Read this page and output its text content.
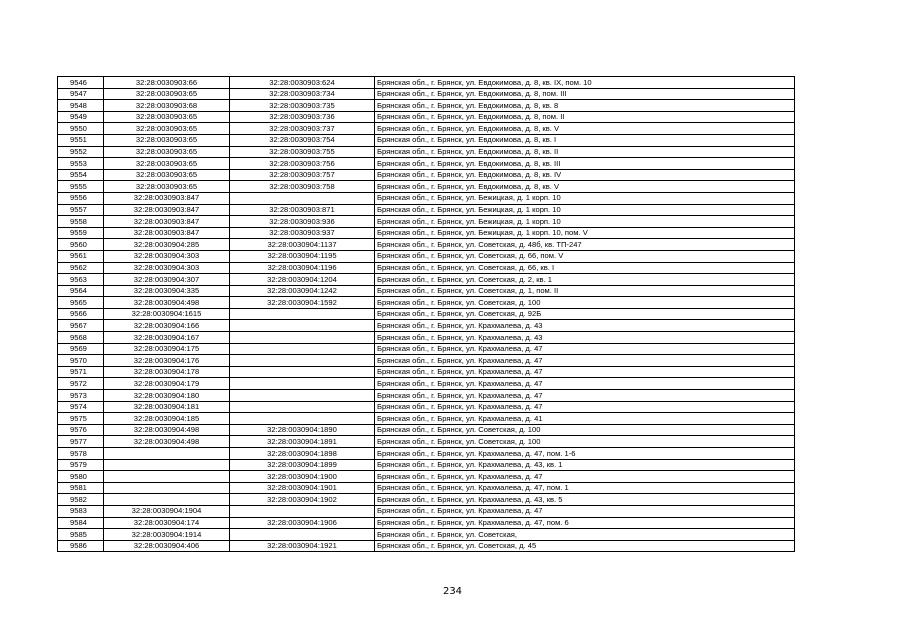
9546	32:28:0030903:66	32:28:0030903:624	Брянская обл., г. Брянск, ул. Евдокимова, д. 8, кв. IX, пом. 10
9547	32:28:0030903:65	32:28:0030903:734	Брянская обл., г. Брянск, ул. Евдокимова, д. 8, пом. III
9548	32:28:0030903:68	32:28:0030903:735	Брянская обл., г. Брянск, ул. Евдокимова, д. 8, кв. 8
9549	32:28:0030903:65	32:28:0030903:736	Брянская обл., г. Брянск, ул. Евдокимова, д. 8, пом. II
9550	32:28:0030903:65	32:28:0030903:737	Брянская обл., г. Брянск, ул. Евдокимова, д. 8, кв. V
9551	32:28:0030903:65	32:28:0030903:754	Брянская обл., г. Брянск, ул. Евдокимова, д. 8, кв. I
9552	32:28:0030903:65	32:28:0030903:755	Брянская обл., г. Брянск, ул. Евдокимова, д. 8, кв. II
9553	32:28:0030903:65	32:28:0030903:756	Брянская обл., г. Брянск, ул. Евдокимова, д. 8, кв. III
9554	32:28:0030903:65	32:28:0030903:757	Брянская обл., г. Брянск, ул. Евдокимова, д. 8, кв. IV
9555	32:28:0030903:65	32:28:0030903:758	Брянская обл., г. Брянск, ул. Евдокимова, д. 8, кв. V
9556	32:28:0030903:847		Брянская обл., г. Брянск, ул. Бежицкая, д. 1 корп. 10
9557	32:28:0030903:847	32:28:0030903:871	Брянская обл., г. Брянск, ул. Бежицкая, д. 1 корп. 10
9558	32:28:0030903:847	32:28:0030903:936	Брянская обл., г. Брянск, ул. Бежицкая, д. 1 корп. 10
9559	32:28:0030903:847	32:28:0030903:937	Брянская обл., г. Брянск, ул. Бежицкая, д. 1 корп. 10, пом. V
9560	32:28:0030904:285	32:28:0030904:1137	Брянская обл., г. Брянск, ул. Советская, д. 48б, кв. ТП-247
9561	32:28:0030904:303	32:28:0030904:1195	Брянская обл., г. Брянск, ул. Советская, д. 66, пом. V
9562	32:28:0030904:303	32:28:0030904:1196	Брянская обл., г. Брянск, ул. Советская, д. 66, кв. I
9563	32:28:0030904:307	32:28:0030904:1204	Брянская обл., г. Брянск, ул. Советская, д. 2, кв. 1
9564	32:28:0030904:335	32:28:0030904:1242	Брянская обл., г. Брянск, ул. Советская, д. 1, пом. II
9565	32:28:0030904:498	32:28:0030904:1592	Брянская обл., г. Брянск, ул. Советская, д. 100
9566	32:28:0030904:1615		Брянская обл., г. Брянск, ул. Советская, д. 92Б
9567	32:28:0030904:166		Брянская обл., г. Брянск, ул. Крахмалева, д. 43
9568	32:28:0030904:167		Брянская обл., г. Брянск, ул. Крахмалева, д. 43
9569	32:28:0030904:175		Брянская обл., г. Брянск, ул. Крахмалева, д. 47
9570	32:28:0030904:176		Брянская обл., г. Брянск, ул. Крахмалева, д. 47
9571	32:28:0030904:178		Брянская обл., г. Брянск, ул. Крахмалева, д. 47
9572	32:28:0030904:179		Брянская обл., г. Брянск, ул. Крахмалева, д. 47
9573	32:28:0030904:180		Брянская обл., г. Брянск, ул. Крахмалева, д. 47
9574	32:28:0030904:181		Брянская обл., г. Брянск, ул. Крахмалева, д. 47
9575	32:28:0030904:185		Брянская обл., г. Брянск, ул. Крахмалева, д. 41
9576	32:28:0030904:498	32:28:0030904:1890	Брянская обл., г. Брянск, ул. Советская, д. 100
9577	32:28:0030904:498	32:28:0030904:1891	Брянская обл., г. Брянск, ул. Советская, д. 100
9578		32:28:0030904:1898	Брянская обл., г. Брянск, ул. Крахмалева, д. 47, пом. 1-6
9579		32:28:0030904:1899	Брянская обл., г. Брянск, ул. Крахмалева, д. 43, кв. 1
9580		32:28:0030904:1900	Брянская обл., г. Брянск, ул. Крахмалева, д. 47
9581		32:28:0030904:1901	Брянская обл., г. Брянск, ул. Крахмалева, д. 47, пом. 1
9582		32:28:0030904:1902	Брянская обл., г. Брянск, ул. Крахмалева, д. 43, кв. 5
9583	32:28:0030904:1904		Брянская обл., г. Брянск, ул. Крахмалева, д. 47
9584	32:28:0030904:174	32:28:0030904:1906	Брянская обл., г. Брянск, ул. Крахмалева, д. 47, пом. 6
9585	32:28:0030904:1914		Брянская обл., г. Брянск, ул. Советская,
9586	32:28:0030904:406	32:28:0030904:1921	Брянская обл., г. Брянск, ул. Советская, д. 45
234
